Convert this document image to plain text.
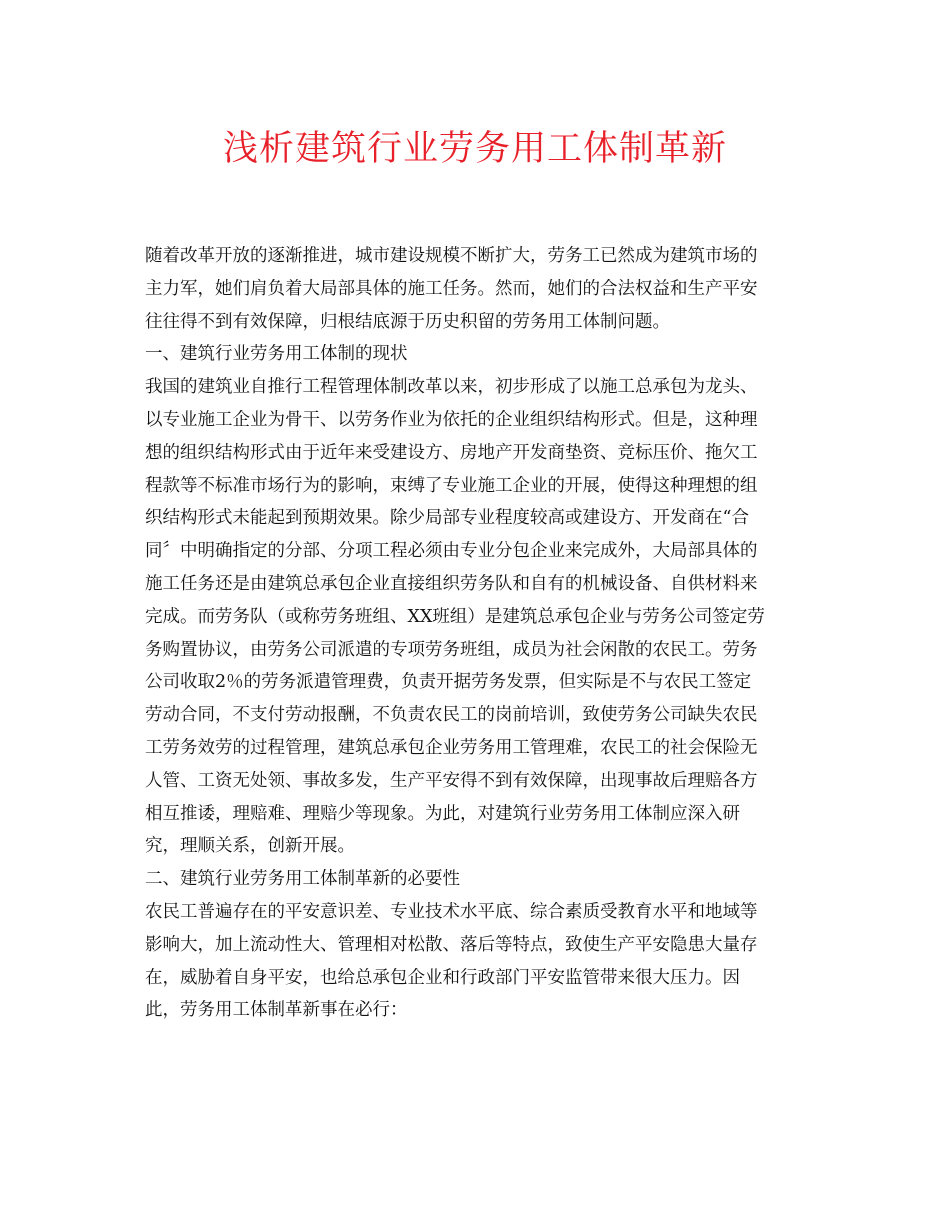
浅析建筑行业劳务用工体制革新
随着改革开放的逐渐推进，城市建设规模不断扩大，劳务工已然成为建筑市场的
主力军，她们肩负着大局部具体的施工任务。然而，她们的合法权益和生产平安
往往得不到有效保障，归根结底源于历史积留的劳务用工体制问题。
一、建筑行业劳务用工体制的现状
我国的建筑业自推行工程管理体制改革以来，初步形成了以施工总承包为龙头、
以专业施工企业为骨干、以劳务作业为依托的企业组织结构形式。但是，这种理
想的组织结构形式由于近年来受建设方、房地产开发商垫资、竞标压价、拖欠工
程款等不标准市场行为的影响，束缚了专业施工企业的开展，使得这种理想的组
织结构形式未能起到预期效果。除少局部专业程度较高或建设方、开发商在“合
同〞中明确指定的分部、分项工程必须由专业分包企业来完成外，大局部具体的
施工任务还是由建筑总承包企业直接组织劳务队和自有的机械设备、自供材料来
完成。而劳务队（或称劳务班组、XX班组）是建筑总承包企业与劳务公司签定劳
务购置协议，由劳务公司派遣的专项劳务班组，成员为社会闲散的农民工。劳务
公司收取2％的劳务派遣管理费，负责开据劳务发票，但实际是不与农民工签定
劳动合同，不支付劳动报酬，不负责农民工的岗前培训，致使劳务公司缺失农民
工劳务效劳的过程管理，建筑总承包企业劳务用工管理难，农民工的社会保险无
人管、工资无处领、事故多发，生产平安得不到有效保障，出现事故后理赔各方
相互推诿，理赔难、理赔少等现象。为此，对建筑行业劳务用工体制应深入研
究，理顺关系，创新开展。
二、建筑行业劳务用工体制革新的必要性
农民工普遍存在的平安意识差、专业技术水平底、综合素质受教育水平和地域等
影响大，加上流动性大、管理相对松散、落后等特点，致使生产平安隐患大量存
在，威胁着自身平安，也给总承包企业和行政部门平安监管带来很大压力。因
此，劳务用工体制革新事在必行：
